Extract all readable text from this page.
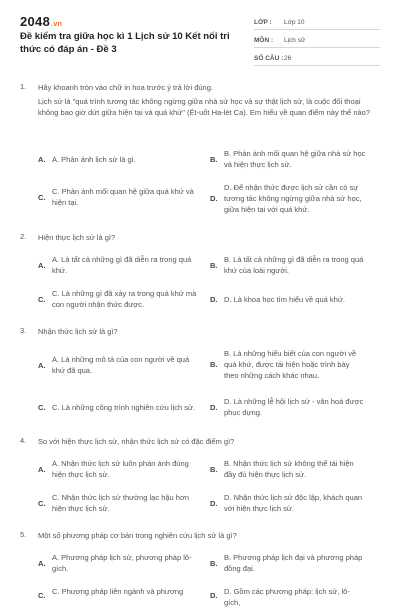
2048.vn
Đề kiểm tra giữa học kì 1 Lịch sử 10 Kết nối tri thức có đáp án - Đề 3
LỚP :	Lớp 10
MÔN :	Lịch sử
SỐ CÂU : 26
1. Hãy khoanh tròn vào chữ in hoa trước ý trả lời đúng.
Lịch sử là "quá trình tương tác không ngừng giữa nhà sử học và sự thật lịch sử, là cuộc đối thoại không bao giờ dứt giữa hiện tại và quá khứ" (Ét-uốt Ha-lét Ca). Em hiểu về quan điểm này thế nào?
A. A. Phản ánh lịch sử là gì.	B.
B. Phản ánh mối quan hệ giữa nhà sử học và hiện thực lịch sử.
C.
C. Phản ánh mối quan hệ giữa quá khứ và hiện tại.	D.
D. Để nhận thức được lịch sử cần có sự tương tác không ngừng giữa nhà sử học, giữa hiện tại với quá khứ.
2. Hiện thực lịch sử là gì?
A.
A. Là tất cả những gì đã diễn ra trong quá khứ.
B.
B. Là tất cả những gì đã diễn ra trong quá khứ của loài người.
C.
C. Là những gì đã xảy ra trong quá khứ mà con người nhận thức được.
D. D. Là khoa học tìm hiểu về quá khứ.
3. Nhận thức lịch sử là gì?
A.
A. Là những mô tả của con người về quá khứ đã qua.
B.
B. Là những hiểu biết của con người về quá khứ, được tái hiện hoặc trình bày theo những cách khác nhau.
C. C. Là những công trình nghiên cứu lịch sử.	D.
D. Là những lễ hội lịch sử - văn hoá được phục dựng.
4. So với hiện thực lịch sử, nhận thức lịch sử có đặc điểm gì?
A.
A. Nhận thức lịch sử luôn phản ánh đúng hiện thực lịch sử.
B.
B. Nhận thức lịch sử không thể tái hiện đầy đủ hiện thực lịch sử.
C.
C. Nhận thức lịch sử thường lạc hậu hơn hiện thực lịch sử.
D.
D. Nhận thức lịch sử độc lập, khách quan với hiện thực lịch sử.
5. Một số phương pháp cơ bản trong nghiên cứu lịch sử là gì?
A.
A. Phương pháp lịch sử, phương pháp lô-gích.
B.
B. Phương pháp lịch đại và phương pháp đồng đại.
C. C. Phương pháp liên ngành và phương	D. D. Gồm các phương pháp: lịch sử, lô-gích,
